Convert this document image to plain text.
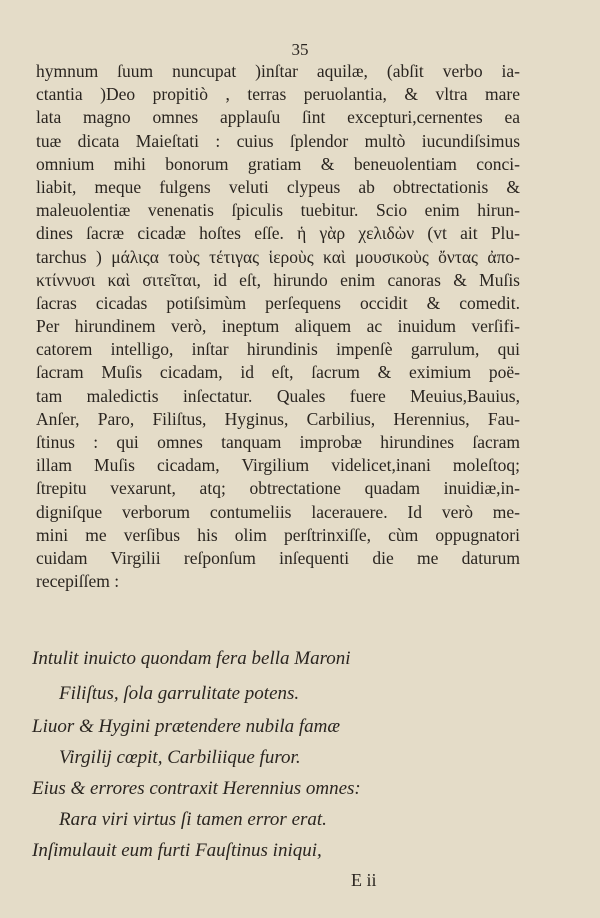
35
hymnum ſuum nuncupat )inſtar aquilæ, (abſit verbo ia-
ctantia )Deo propitiò , terras peruolantia, & vltra mare
lata magno omnes applauſu ſint excepturi,cernentes ea
tuæ dicata Maieſtati : cuius ſplendor multò iucundiſsimus
omnium mihi bonorum gratiam & beneuolentiam conci-
liabit, meque fulgens veluti clypeus ab obtrectationis &
maleuolentiæ venenatis ſpiculis tuebitur. Scio enim hirun-
dines ſacræ cicadæ hoſtes eſſe. ἡ γὰρ χελιδὼν (vt ait Plu-
tarchus ) μάλιςα τοὺς τέτιγας ἱεροὺς καὶ μουσικοὺς ὄντας ἀπο-
κτίννυσι καὶ σιτεῖται, id eſt, hirundo enim canoras & Muſis
ſacras cicadas potiſsimùm perſequens occidit & comedit.
Per hirundinem verò, ineptum aliquem ac inuidum verſifi-
catorem intelligo, inſtar hirundinis impenſè garrulum, qui
ſacram Muſis cicadam, id eſt, ſacrum & eximium poë-
tam maledictis inſectatur. Quales fuere Meuius,Bauius,
Anſer, Paro, Filiſtus, Hyginus, Carbilius, Herennius, Fau-
ſtinus : qui omnes tanquam improbæ hirundines ſacram
illam Muſis cicadam, Virgilium videlicet,inani moleſtoq;
ſtrepitu vexarunt, atq; obtrectatione quadam inuidiæ,in-
digniſque verborum contumeliis lacerauere. Id verò me-
mini me verſibus his olim perſtrinxiſſe, cùm oppugnatori
cuidam Virgilii reſponſum inſequenti die me daturum
recepiſſem :
Intulit inuicto quondam fera bella Maroni
Filiſtus, ſola garrulitate potens.
Liuor & Hygini prætendere nubila famæ
Virgilij cœpit, Carbiliique furor.
Eius & errores contraxit Herennius omnes:
Rara viri virtus ſi tamen error erat.
Inſimulauit eum furti Fauſtinus iniqui,
E ii
